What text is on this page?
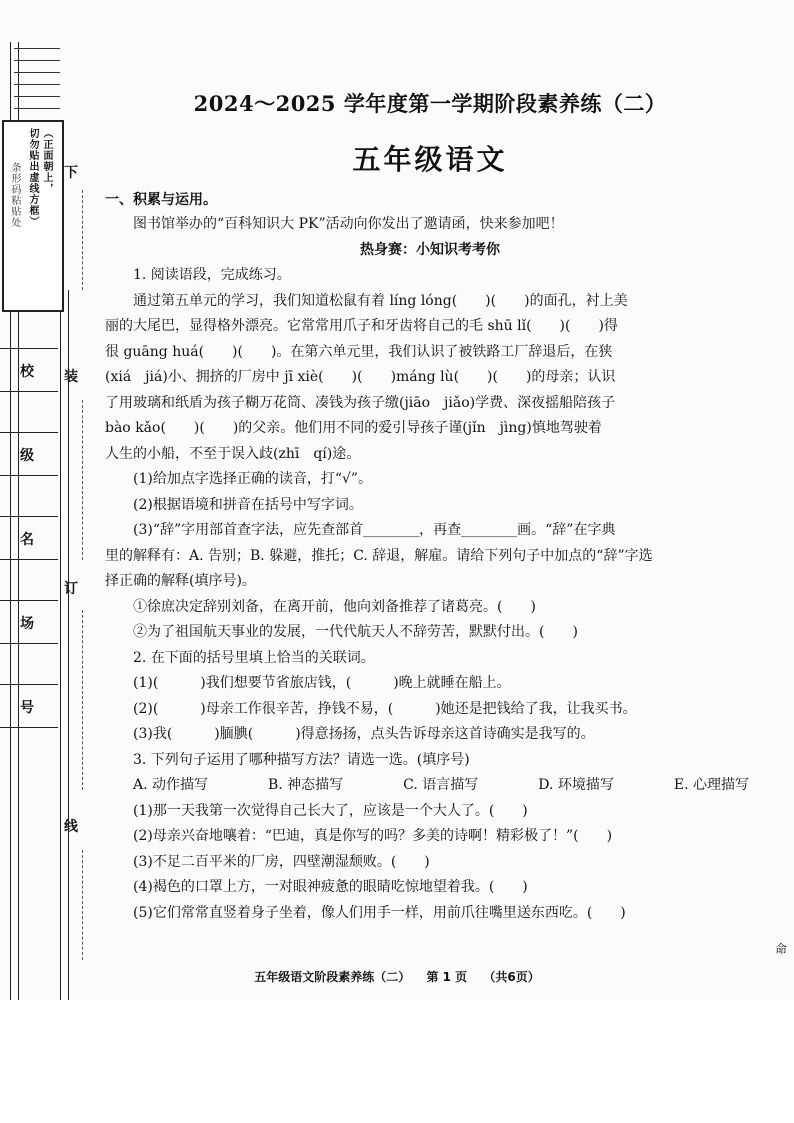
（正面朝上，
切勿贴出虚线方框）
条形码粘贴处
校
级
名
场
号
下
装
订
线
2024～2025 学年度第一学期阶段素养练（二）
五年级语文

一、积累与运用。

图书馆举办的“百科知识大 PK”活动向你发出了邀请函，快来参加吧！

热身赛：小知识考考你

1. 阅读语段，完成练习。

通过第五单元的学习，我们知道松鼠有着 líng lóng(　　)(　　)的面孔，衬上美

丽的大尾巴，显得格外漂亮。它常常用爪子和牙齿将自己的毛 shū lǐ(　　)(　　)得

很 guāng huá(　　)(　　)。在第六单元里，我们认识了被铁路工厂辞退后，在狭

(xiá　jiá)小、拥挤的厂房中 jī xiè(　　)(　　)máng lù(　　)(　　)的母亲；认识

了用玻璃和纸盾为孩子糊万花筒、凑钱为孩子缴(jiāo　jiǎo)学费、深夜摇船陪孩子

bào kǎo(　　)(　　)的父亲。他们用不同的爱引导孩子谨(jǐn　jìng)慎地驾驶着

人生的小船，不至于误入歧(zhī　qí)途。

(1)给加点字选择正确的读音，打“√”。

(2)根据语境和拼音在括号中写字词。

(3)“辞”字用部首查字法，应先查部首________，再查________画。“辞”在字典

里的解释有：A. 告别；B. 躲避，推托；C. 辞退，解雇。请给下列句子中加点的“辞”字选

择正确的解释(填序号)。

①徐庶决定辞别刘备，在离开前，他向刘备推荐了诸葛亮。(　　)

②为了祖国航天事业的发展，一代代航天人不辞劳苦，默默付出。(　　)

2. 在下面的括号里填上恰当的关联词。

(1)(　　　)我们想要节省旅店钱，(　　　)晚上就睡在船上。

(2)(　　　)母亲工作很辛苦，挣钱不易，(　　　)她还是把钱给了我，让我买书。

(3)我(　　　)腼腆(　　　)得意扬扬，点头告诉母亲这首诗确实是我写的。

3. 下列句子运用了哪种描写方法？请选一选。(填序号)

A. 动作描写	B. 神态描写	C. 语言描写	D. 环境描写	E. 心理描写

(1)那一天我第一次觉得自己长大了，应该是一个大人了。(　　)

(2)母亲兴奋地嚷着：“巴迪，真是你写的吗？多美的诗啊！精彩极了！”(　　)

(3)不足二百平米的厂房，四壁潮湿颓败。(　　)

(4)褐色的口罩上方，一对眼神疲惫的眼睛吃惊地望着我。(　　)

(5)它们常常直竖着身子坐着，像人们用手一样，用前爪往嘴里送东西吃。(　　)

五年级语文阶段素养练（二） 第 1 页 （共6页）
命
